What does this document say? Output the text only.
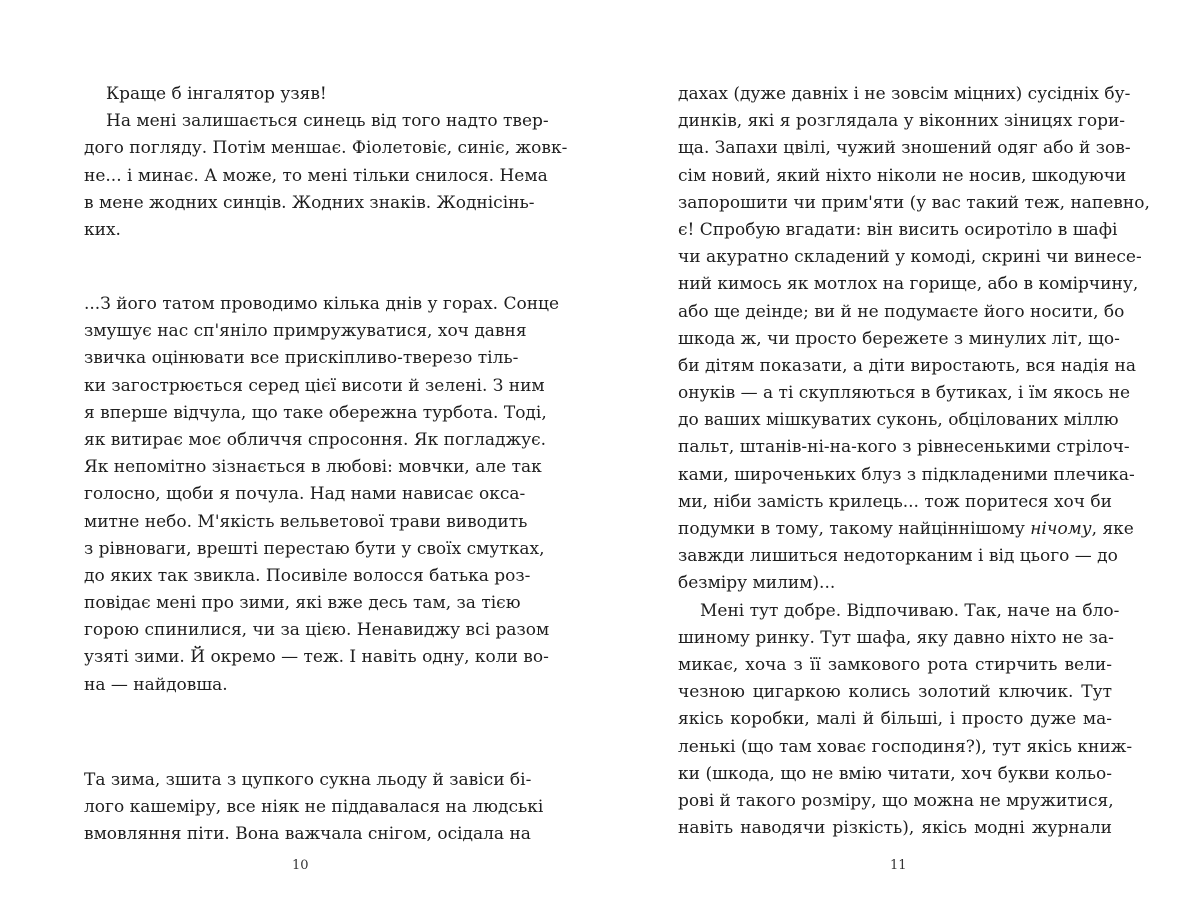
Краще б інгалятор узяв!
На мені залишається синець від того надто твер-
дого погляду. Потім меншає. Фіолетовіє, синіє, жовк-
не... і минає. А може, то мені тільки снилося. Нема
в мене жодних синців. Жодних знаків. Жоднісінь-
ких.
...З його татом проводимо кілька днів у горах. Сонце
змушує нас сп'яніло примружуватися, хоч давня
звичка оцінювати все прискіпливо-тверезо тіль-
ки загострюється серед цієї висоти й зелені. З ним
я вперше відчула, що таке обережна турбота. Тоді,
як витирає моє обличчя спросоння. Як погладжує.
Як непомітно зізнається в любові: мовчки, але так
голосно, щоби я почула. Над нами нависає оксa-
митне небо. М'якість вельветової трави виводить
з рівноваги, врешті перестаю бути у своїх смутках,
до яких так звикла. Посивіле волосся батька роз-
повідає мені про зими, які вже десь там, за тією
горою спинилися, чи за цією. Ненавиджу всі разом
узяті зими. Й окремо — теж. І навіть одну, коли во-
на — найдовша.
Та зима, зшита з цупкого сукна льоду й завіси бі-
лого кашеміру, все ніяк не піддавалася на людські
вмовляння піти. Вона важчала снігом, осідала на
10
дахах (дуже давніх і не зовсім міцних) сусідніх бу-
динків, які я розглядала у віконних зіницях гори-
ща. Запахи цвілі, чужий зношений одяг або й зов-
сім новий, який ніхто ніколи не носив, шкодуючи
запорошити чи прим'яти (у вас такий теж, напевно,
є! Спробую вгадати: він висить осиротіло в шафі
чи акуратно складений у комоді, скрині чи винесе-
ний кимось як мотлох на горище, або в комірчину,
або ще деінде; ви й не подумаєте його носити, бо
шкода ж, чи просто бережете з минулих літ, що-
би дітям показати, а діти виростають, вся надія на
онуків — а ті скупляються в бутиках, і їм якось не
до ваших мішкуватих суконь, обціловaних міллю
пальт, штанів-ні-на-кого з рівнесенькими стрілоч-
ками, широченьких блуз з підкладеними плечика-
ми, ніби замість крилець... тож поритеся хоч би
подумки в тому, такому найціннішому нічому, яке
завжди лишиться недоторканим і від цього — до
безміру милим)...
Мені тут добре. Відпочиваю. Так, наче на бло-
шиному ринку. Тут шафа, яку давно ніхто не за-
микає, хоча з її замкового рота стирчить вели-
чезною цигаркою колись золотий ключик. Тут
якісь коробки, малі й більші, і просто дуже ма-
ленькі (що там ховає господиня?), тут якісь книж-
ки (шкода, що не вмію читати, хоч букви кольо-
рові й такого розміру, що можна не мружитися,
навіть наводячи різкість), якісь модні журнали
11
